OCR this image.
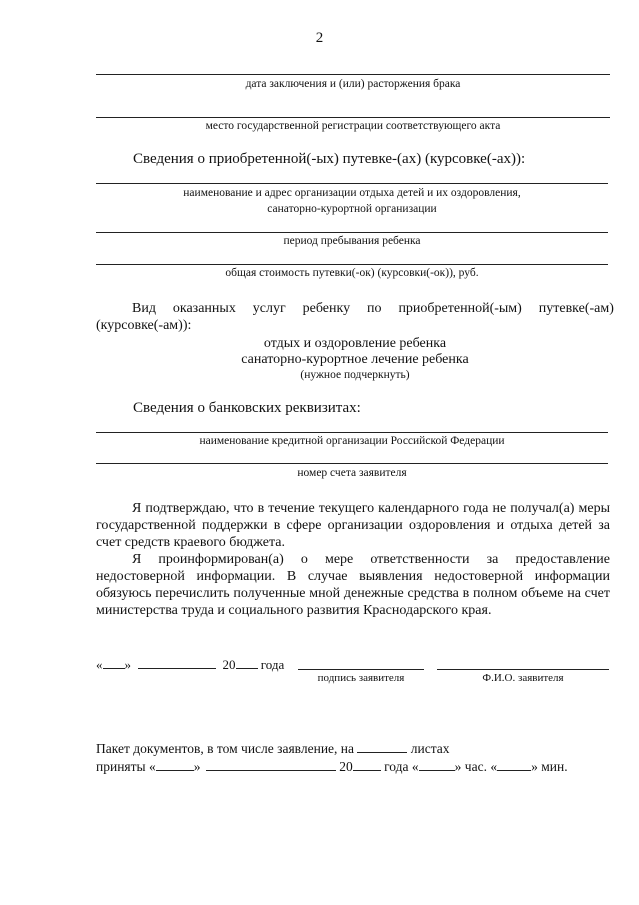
2
дата заключения и (или) расторжения брака
место государственной регистрации соответствующего акта
Сведения о приобретенной(-ых) путевке-(ах) (курсовке(-ах)):
наименование и адрес организации отдыха детей и их оздоровления,
санаторно-курортной организации
период пребывания ребенка
общая стоимость путевки(-ок) (курсовки(-ок)), руб.
Вид оказанных услуг ребенку по приобретенной(-ым) путевке(-ам)
(курсовке(-ам)):
отдых и оздоровление ребенка
санаторно-курортное лечение ребенка
(нужное подчеркнуть)
Сведения о банковских реквизитах:
наименование кредитной организации Российской Федерации
номер счета заявителя

Я подтверждаю, что в течение текущего календарного года не получал(а) меры государственной поддержки в сфере организации оздоровления и отдыха детей за счет средств краевого бюджета.

Я проинформирован(а) о мере ответственности за предоставление недостоверной информации. В случае выявления недостоверной информации обязуюсь перечислить полученные мной денежные средства в полном объеме на счет министерства труда и социального развития Краснодарского края.

« »	20 года
подпись заявителя	Ф.И.О. заявителя
Пакет документов, в том числе заявление, на	листах
приняты «	»	20 года «	» час. «	» мин.
